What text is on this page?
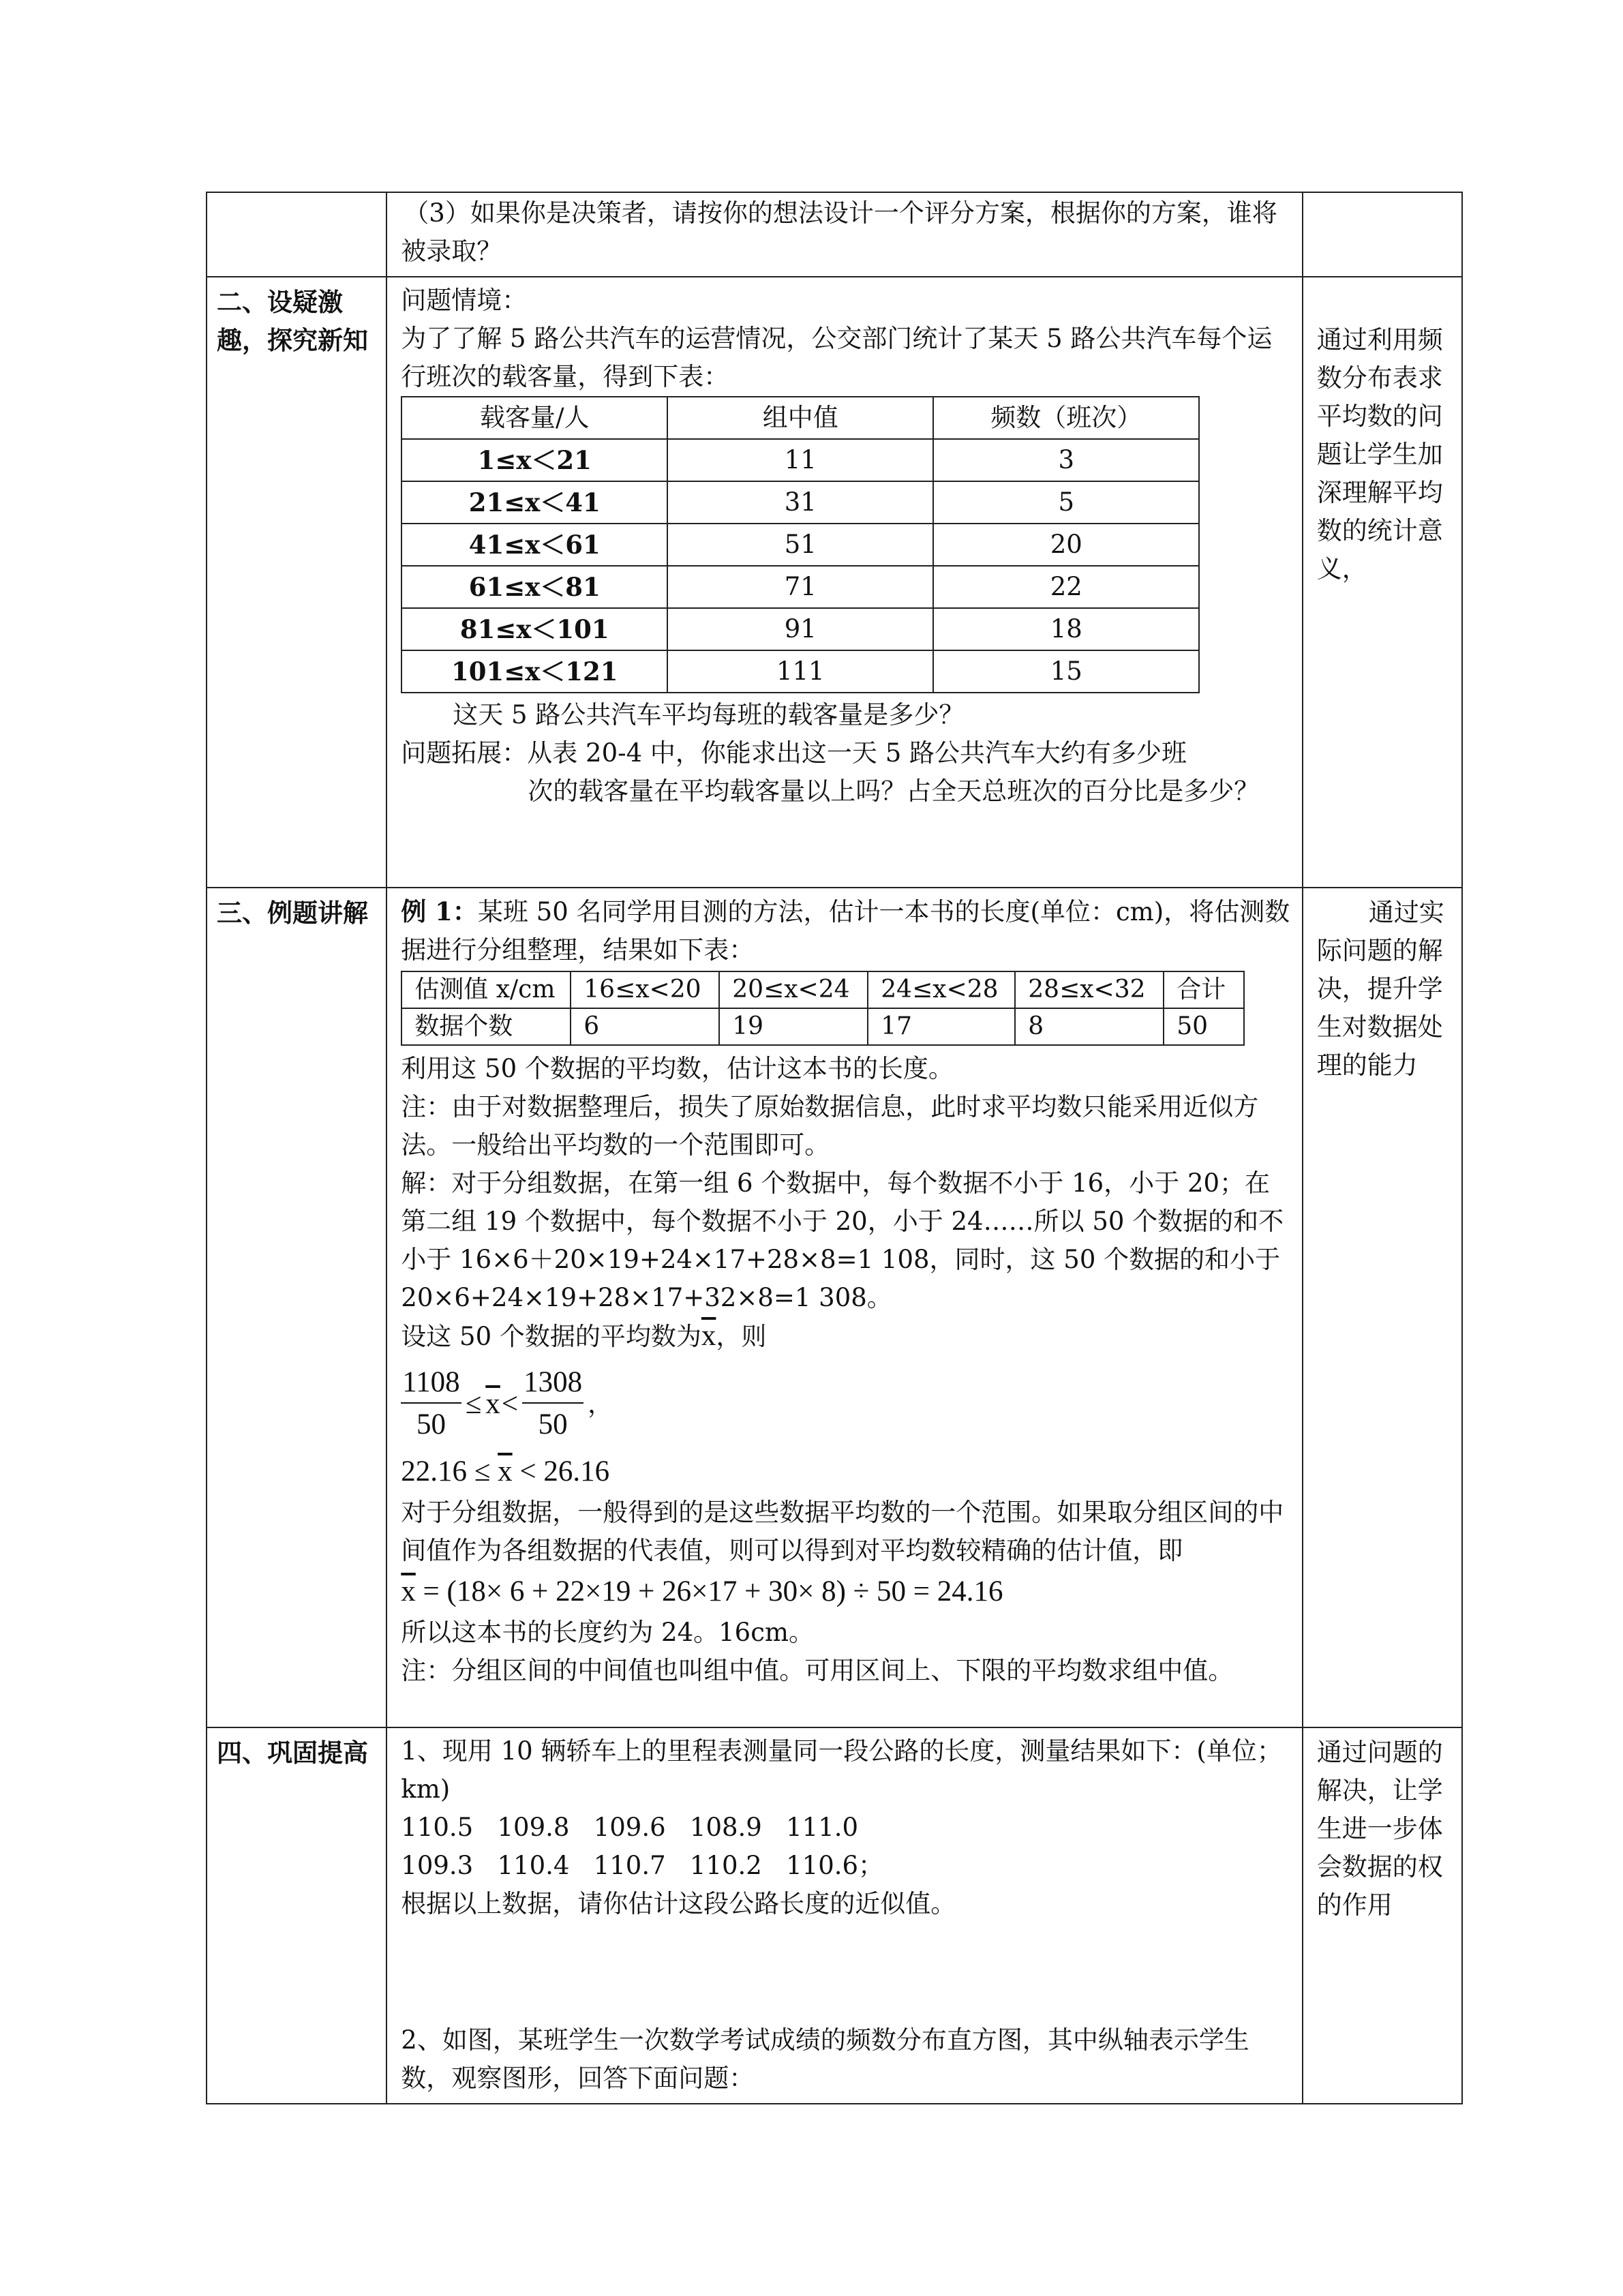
（3）如果你是决策者，请按你的想法设计一个评分方案，根据你的方案，谁将被录取？

二、设疑激趣，探究新知

问题情境：

为了了解 5 路公共汽车的运营情况，公交部门统计了某天 5 路公共汽车每个运行班次的载客量，得到下表：

载客量/人	组中值	频数（班次）
1≤x＜21	11	3
21≤x＜41	31	5
41≤x＜61	51	20
61≤x＜81	71	22
81≤x＜101	91	18
101≤x＜121	111	15

这天 5 路公共汽车平均每班的载客量是多少？

问题拓展：从表 20-4 中，你能求出这一天 5 路公共汽车大约有多少班

次的载客量在平均载客量以上吗？占全天总班次的百分比是多少？

通过利用频数分布表求平均数的问题让学生加深理解平均数的统计意义，

三、例题讲解	例 1：某班 50 名同学用目测的方法，估计一本书的长度(单位：cm)，将估测数据进行分组整理，结果如下表：

估测值 x/cm	16≤x<20	20≤x<24	24≤x<28	28≤x<32	合计
数据个数	6	19	17	8	50

利用这 50 个数据的平均数，估计这本书的长度。

注：由于对数据整理后，损失了原始数据信息，此时求平均数只能采用近似方法。一般给出平均数的一个范围即可。

解：对于分组数据，在第一组 6 个数据中，每个数据不小于 16，小于 20；在第二组 19 个数据中，每个数据不小于 20，小于 24……所以 50 个数据的和不小于 16×6＋20×19+24×17+28×8=1 108，同时，这 50 个数据的和小于 20×6+24×19+28×17+32×8=1 308。

设这 50 个数据的平均数为$\overline{x}$，则

$\frac{1108}{50} \le \overline{x} < \frac{1308}{50}$ ，

$22.16 \le \overline{x} < 26.16$

对于分组数据，一般得到的是这些数据平均数的一个范围。如果取分组区间的中间值作为各组数据的代表值，则可以得到对平均数较精确的估计值，即

$\overline{x} = (18\times 6 + 22\times 19 + 26\times 17 + 30\times 8) \div 50 = 24.16$

所以这本书的长度约为 24。16cm。

注：分组区间的中间值也叫组中值。可用区间上、下限的平均数求组中值。

通过实际问题的解决，提升学生对数据处理的能力

四、巩固提高	1、现用 10 辆轿车上的里程表测量同一段公路的长度，测量结果如下：(单位；km)

110.5   109.8   109.6   108.9   111.0

109.3   110.4   110.7   110.2   110.6；

根据以上数据，请你估计这段公路长度的近似值。

2、如图，某班学生一次数学考试成绩的频数分布直方图，其中纵轴表示学生数，观察图形，回答下面问题：

通过问题的解决，让学生进一步体会数据的权的作用
